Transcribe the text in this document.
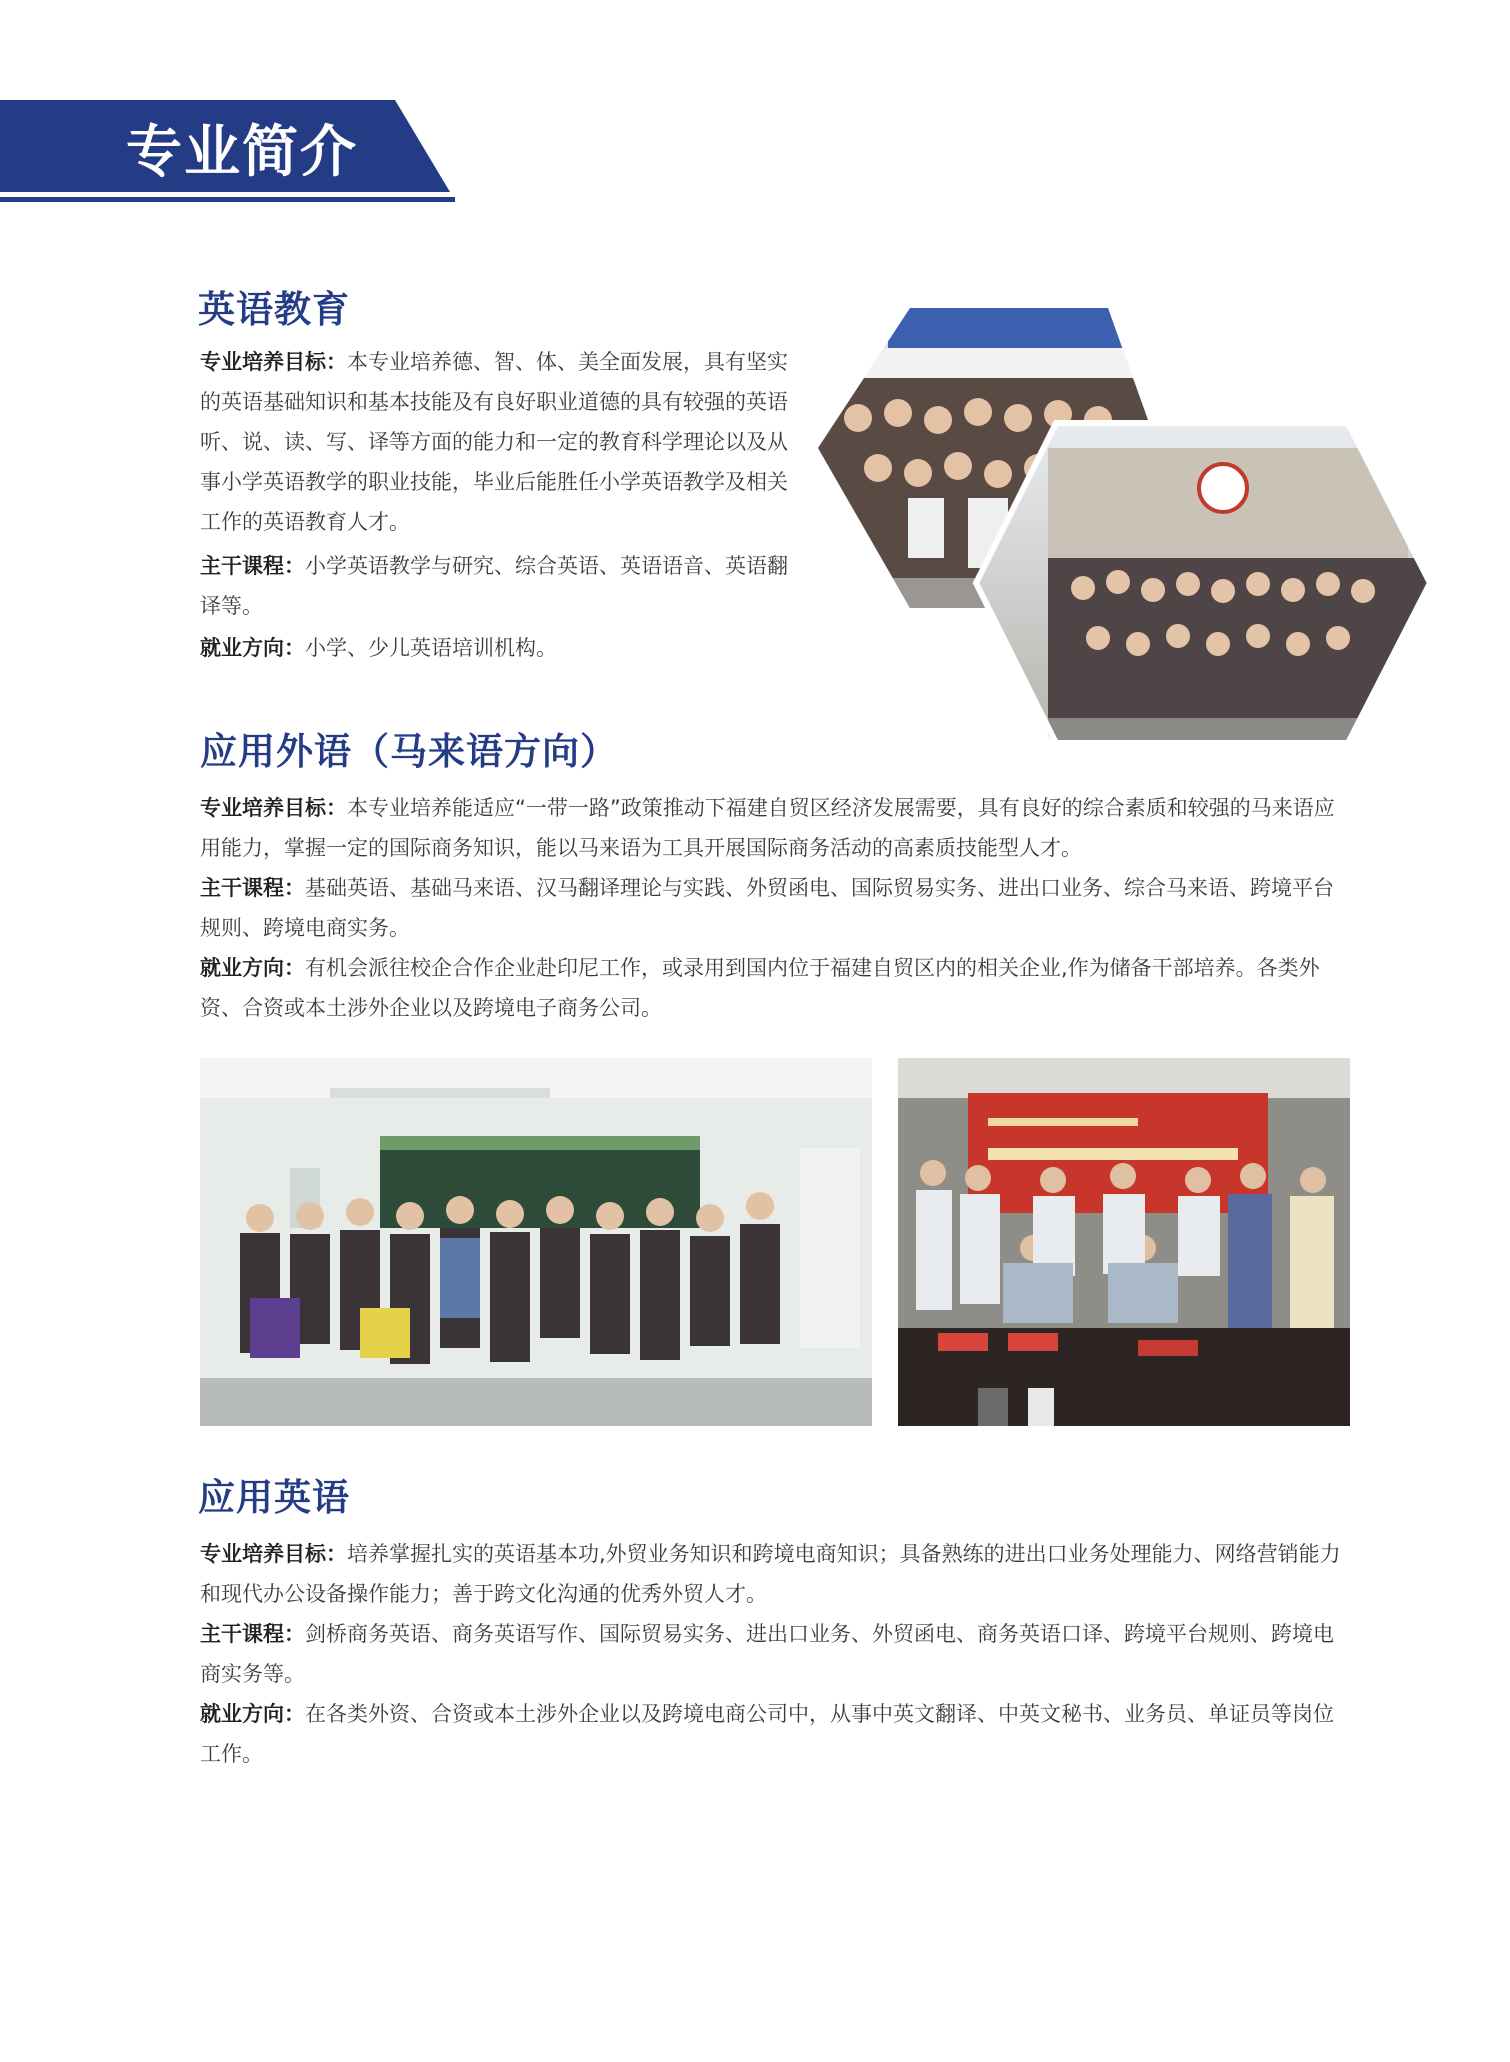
专业简介
英语教育

专业培养目标：本专业培养德、智、体、美全面发展，具有坚实的英语基础知识和基本技能及有良好职业道德的具有较强的英语听、说、读、写、译等方面的能力和一定的教育科学理论以及从事小学英语教学的职业技能，毕业后能胜任小学英语教学及相关工作的英语教育人才。

主干课程：小学英语教学与研究、综合英语、英语语音、英语翻译等。

就业方向：小学、少儿英语培训机构。

应用外语（马来语方向）

专业培养目标：本专业培养能适应“一带一路”政策推动下福建自贸区经济发展需要，具有良好的综合素质和较强的马来语应用能力，掌握一定的国际商务知识，能以马来语为工具开展国际商务活动的高素质技能型人才。

主干课程：基础英语、基础马来语、汉马翻译理论与实践、外贸函电、国际贸易实务、进出口业务、综合马来语、跨境平台规则、跨境电商实务。

就业方向：有机会派往校企合作企业赴印尼工作，或录用到国内位于福建自贸区内的相关企业,作为储备干部培养。各类外资、合资或本土涉外企业以及跨境电子商务公司。

应用英语

专业培养目标：培养掌握扎实的英语基本功,外贸业务知识和跨境电商知识；具备熟练的进出口业务处理能力、网络营销能力和现代办公设备操作能力；善于跨文化沟通的优秀外贸人才。

主干课程：剑桥商务英语、商务英语写作、国际贸易实务、进出口业务、外贸函电、商务英语口译、跨境平台规则、跨境电商实务等。

就业方向：在各类外资、合资或本土涉外企业以及跨境电商公司中，从事中英文翻译、中英文秘书、业务员、单证员等岗位工作。
